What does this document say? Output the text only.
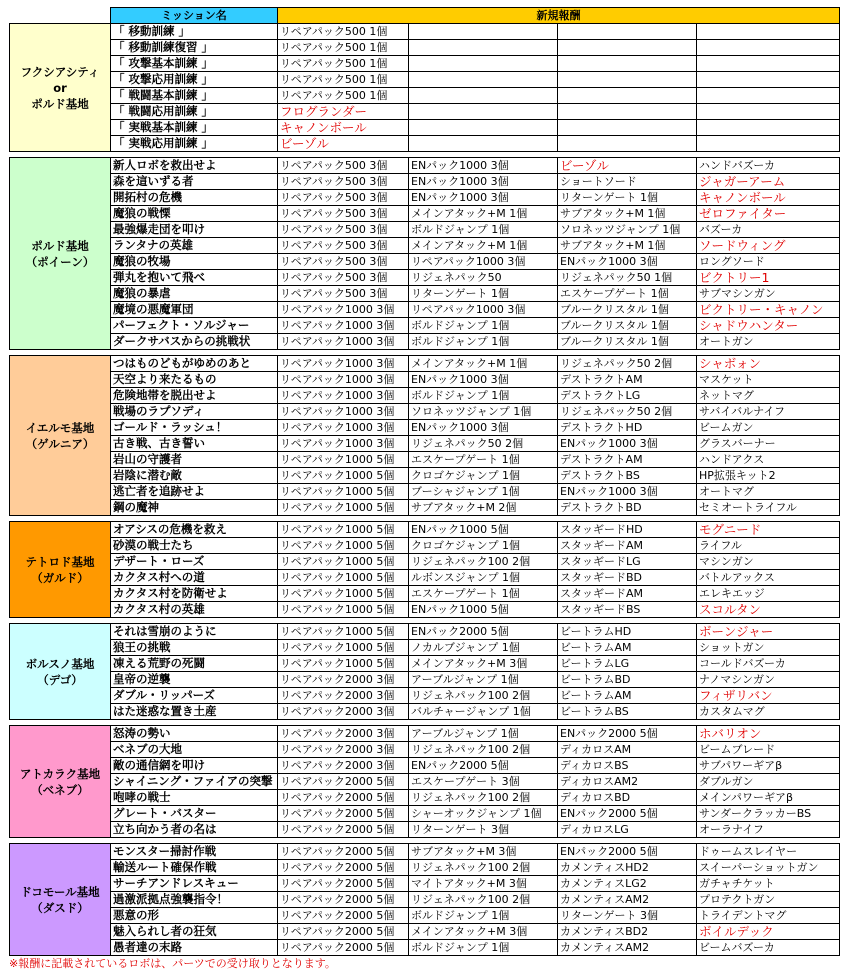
	ミッション名	新規報酬			

フクシアシティ
or
ポルド基地	「 移動訓練 」	リペアパック500 1個			
	「 移動訓練復習 」	リペアパック500 1個			
	「 攻撃基本訓練 」	リペアパック500 1個			
	「 攻撃応用訓練 」	リペアパック500 1個			
	「 戦闘基本訓練 」	リペアパック500 1個			
	「 戦闘応用訓練 」	フログランダー			
	「 実戦基本訓練 」	キャノンボール			
	「 実戦応用訓練 」	ビーゾル			

ポルド基地
（ポイーン）	新人ロボを救出せよ	リペアパック500 3個	ENパック1000 3個	ビーゾル	ハンドバズーカ
	森を這いずる者	リペアパック500 3個	ENパック1000 3個	ショートソード	ジャガーアーム
	開拓村の危機	リペアパック500 3個	ENパック1000 3個	リターンゲート 1個	キャノンボール
	魔狼の戦慄	リペアパック500 3個	メインアタック+M 1個	サブアタック+M 1個	ゼロファイター
	最強爆走団を叩け	リペアパック500 3個	ボルドジャンプ 1個	ソロネッツジャンプ 1個	バズーカ
	ランタナの英雄	リペアパック500 3個	メインアタック+M 1個	サブアタック+M 1個	ソードウィング
	魔狼の牧場	リペアパック500 3個	リペアパック1000 3個	ENパック1000 3個	ロングソード
	弾丸を抱いて飛べ	リペアパック500 3個	リジェネパック50	リジェネパック50 1個	ビクトリー1
	魔狼の暴虐	リペアパック500 3個	リターンゲート 1個	エスケープゲート 1個	サブマシンガン
	魔境の悪魔軍団	リペアパック1000 3個	リペアパック1000 3個	ブルークリスタル 1個	ビクトリー・キャノン
	パーフェクト・ソルジャー	リペアパック1000 3個	ボルドジャンプ 1個	ブルークリスタル 1個	シャドウハンター
	ダークサバスからの挑戦状	リペアパック1000 3個	ボルドジャンプ 1個	ブルークリスタル 1個	オートガン

イエルモ基地
（ゲルニア）	つはものどもがゆめのあと	リペアパック1000 3個	メインアタック+M 1個	リジェネパック50 2個	シャボォン
	天空より来たるもの	リペアパック1000 3個	ENパック1000 3個	デストラクトAM	マスケット
	危険地帯を脱出せよ	リペアパック1000 3個	ボルドジャンプ 1個	デストラクトLG	ネットマグ
	戦場のラプソディ	リペアパック1000 3個	ソロネッツジャンプ 1個	リジェネパック50 2個	サバイバルナイフ
	ゴールド・ラッシュ！	リペアパック1000 3個	ENパック1000 3個	デストラクトHD	ビームガン
	古き戦、古き誓い	リペアパック1000 3個	リジェネパック50 2個	ENパック1000 3個	グラスバーナー
	岩山の守護者	リペアパック1000 5個	エスケープゲート 1個	デストラクトAM	ハンドアクス
	岩陰に潜む敵	リペアパック1000 5個	クロゴケジャンプ 1個	デストラクトBS	HP拡張キット2
	逃亡者を追跡せよ	リペアパック1000 5個	ブーシャジャンプ 1個	ENパック1000 3個	オートマグ
	鋼の魔神	リペアパック1000 5個	サブアタック+M 2個	デストラクトBD	セミオートライフル

テトロド基地
（ガルド）	オアシスの危機を救え	リペアパック1000 5個	ENパック1000 5個	スタッギードHD	モグニード
	砂漠の戦士たち	リペアパック1000 5個	クロゴケジャンプ 1個	スタッギードAM	ライフル
	デザート・ローズ	リペアパック1000 5個	リジェネパック100 2個	スタッギードLG	マシンガン
	カクタス村への道	リペアパック1000 5個	ルボンスジャンプ 1個	スタッギードBD	バトルアックス
	カクタス村を防衛せよ	リペアパック1000 5個	エスケープゲート 1個	スタッギードAM	エレキエッジ
	カクタス村の英雄	リペアパック1000 5個	ENパック1000 5個	スタッギードBS	スコルタン

ボルスノ基地
（デゴ）	それは雪崩のように	リペアパック1000 5個	ENパック2000 5個	ビートラムHD	ボーンジャー
	狼王の挑戦	リペアパック1000 5個	ノカルブジャンプ 1個	ビートラムAM	ショットガン
	凍える荒野の死闘	リペアパック1000 5個	メインアタック+M 3個	ビートラムLG	コールドバズーカ
	皇帝の逆襲	リペアパック2000 3個	アーブルジャンプ 1個	ビートラムBD	ナノマシンガン
	ダブル・リッパーズ	リペアパック2000 3個	リジェネパック100 2個	ビートラムAM	フィザリバン
	はた迷惑な置き土産	リペアパック2000 3個	バルチャージャンプ 1個	ビートラムBS	カスタムマグ

アトカラク基地
（ベネブ）	怒涛の勢い	リペアパック2000 3個	アーブルジャンプ 1個	ENパック2000 5個	ホバリオン
	ベネブの大地	リペアパック2000 3個	リジェネパック100 2個	ディカロスAM	ビームブレード
	敵の通信網を叩け	リペアパック2000 3個	ENパック2000 5個	ディカロスBS	サブパワーギアβ
	シャイニング・ファイアの突撃	リペアパック2000 5個	エスケープゲート 3個	ディカロスAM2	ダブルガン
	咆哮の戦士	リペアパック2000 5個	リジェネパック100 2個	ディカロスBD	メインパワーギアβ
	グレート・バスター	リペアパック2000 5個	シャーオックジャンプ 1個	ENパック2000 5個	サンダークラッカーBS
	立ち向かう者の名は	リペアパック2000 5個	リターンゲート 3個	ディカロスLG	オーラナイフ

ドコモール基地
（ダスド）	モンスター掃討作戦	リペアパック2000 5個	サブアタック+M 3個	ENパック2000 5個	ドゥームスレイヤー
	輸送ルート確保作戦	リペアパック2000 5個	リジェネパック100 2個	カメンティスHD2	スイーパーショットガン
	サーチアンドレスキュー	リペアパック2000 5個	マイトアタック+M 3個	カメンティスLG2	ガチャチケット
	過激派拠点強襲指令！	リペアパック2000 5個	リジェネパック100 2個	カメンティスAM2	プロテクトガン
	悪意の形	リペアパック2000 5個	ボルドジャンプ 1個	リターンゲート 3個	トライデントマグ
	魅入られし者の狂気	リペアパック2000 5個	メインアタック+M 3個	カメンティスBD2	ボイルデック
	愚者達の末路	リペアパック2000 5個	ボルドジャンプ 1個	カメンティスAM2	ビームバズーカ
※報酬に記載されているロボは、パーツでの受け取りとなります。
